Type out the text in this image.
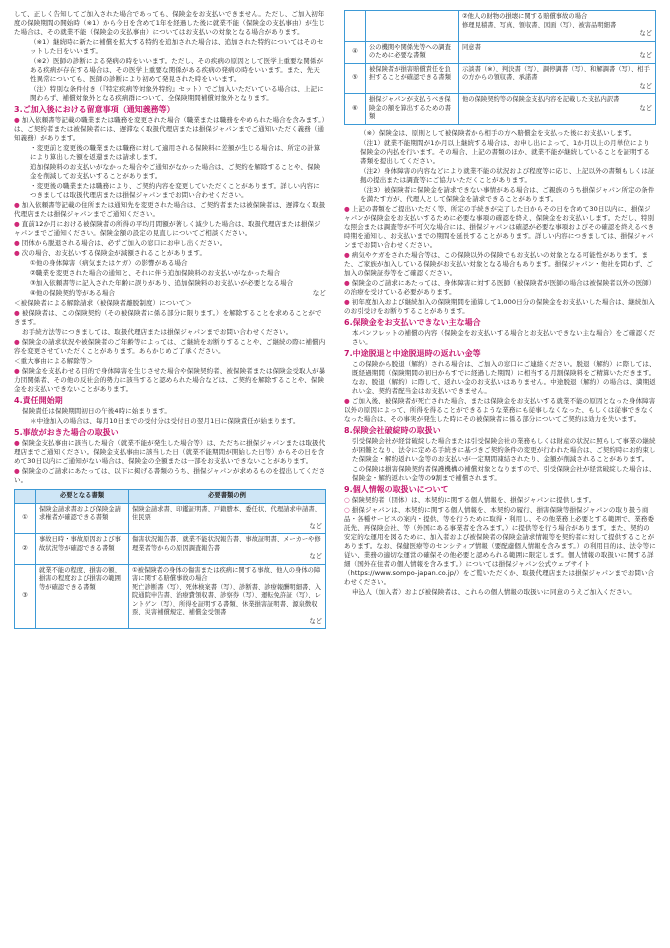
して、正しく告知してご加入された場合であっても、保険金をお支払いできません。ただし、ご加入初年度の保険期間の開始時（※1）から今日を含めて1年を経過した後に就業不能（保険金の支払事由）が生じた場合は、その就業不能（保険金の支払事由）についてはお支払いの対象となる場合があります。

（※1）継続時に新たに補償を拡大する特約を追加された場合は、追加された特約についてはそのセットした日をいいます。

（※2）医師の診断による発病の時をいいます。ただし、その疾病の原因として医学上重要な関係がある疾病が存在する場合は、その医学上重要な関係がある疾病の発病の時をいいます。また、先天性異常についても、医師の診断により初めて発見された時をいいます。

（注）特別な条件付き（『特定疾病等対象外特約』セット）でご加入いただいている場合は、上記に関わらず、補償対象外となる疾病群について、全保険期間補償対象外となります。

3.ご加入後における留意事項（通知義務等）

● 加入依頼書等記載の職業または職務を変更された場合（職業または職務をやめられた場合を含みます。）は、ご契約者または被保険者には、遅滞なく取扱代理店または損保ジャパンまでご通知いただく義務（通知義務）があります。

・変更前と変更後の職業または職務に対して適用される保険料に差額が生じる場合は、所定の計算により算出した額を返還または請求します。

追加保険料のお支払いがなかった場合やご通知がなかった場合は、ご契約を解除することや、保険金を削減してお支払いすることがあります。

・変更後の職業または職務により、ご契約内容を変更していただくことがあります。詳しい内容につきましては取扱代理店または損保ジャパンまでお問い合わせください。

● 加入依頼書等記載の住所または通知先を変更された場合は、ご契約者または被保険者は、遅滞なく取扱代理店または損保ジャパンまでご通知ください。

● 直前12か月における被保険者の所得の平均月間額が著しく減少した場合は、取扱代理店または損保ジャパンまでご通知ください。保険金額の設定の見直しについてご相談ください。

● 団体から脱退される場合は、必ずご加入の窓口にお申し出ください。

● 次の場合、お支払いする保険金が減額されることがあります。

①他の身体障害（病気またはケガ）の影響がある場合

②職業を変更された場合の通知と、それに伴う追加保険料のお支払いがなかった場合

③加入依頼書等に記入された年齢に誤りがあり、追加保険料のお支払いが必要となる場合

④他の保険契約等がある場合	など

＜被保険者による解除請求（被保険者離脱制度）について＞

● 被保険者は、この保険契約（その被保険者に係る部分に限ります。）を解除することを求めることができます。

お手続方法等につきましては、取扱代理店または損保ジャパンまでお問い合わせください。

● 保険金の請求状況や被保険者のご年齢等によっては、ご継続をお断りすることや、ご継続の際に補償内容を変更させていただくことがあります。あらかじめご了承ください。

＜重大事由による解除等＞

● 保険金を支払わせる目的で身体障害を生じさせた場合や保険契約者、被保険者または保険金受取人が暴力団関係者、その他の反社会的勢力に該当すると認められた場合などは、ご契約を解除することや、保険金をお支払いできないことがあります。

4.責任開始期

保険責任は保険期間初日の午後4時に始まります。

＊中途加入の場合は、毎月10日までの受付分は受付日の翌月1日に保険責任が始まります。

5.事故がおきた場合の取扱い

● 保険金支払事由に該当した場合（就業不能が発生した場合等）は、ただちに損保ジャパンまたは取扱代理店までご通知ください。保険金支払事由に該当した日（就業不能期間が開始した日等）からその日を含めて30日以内にご通知がない場合は、保険金の全額または一部をお支払いできないことがあります。

● 保険金のご請求にあたっては、以下に掲げる書類のうち、損保ジャパンが求めるものを提出してください。

	必要となる書類	必要書類の例
①	保険金請求書および保険金請求権者が確認できる書類	保険金請求書、印鑑証明書、戸籍謄本、委任状、代理請求申請書、住民票
など

②	事故日時・事故原因および事故状況等が確認できる書類	傷害状況報告書、就業不能状況報告書、事故証明書、メーカーや修理業者等からの原因調査報告書
など

③	就業不能の程度、損害の額、損害の程度および損害の範囲等が確認できる書類	①被保険者の身体の傷害または疾病に関する事故、他人の身体の障害に関する賠償事故の場合
死亡診断書（写）、死体検案書（写）、診断書、診療報酬明細書、入院通院申告書、治療費領収書、診察券（写）、運転免許証（写）、レントゲン（写）、所得を証明する書類、休業損害証明書、源泉徴収票、災害補償規定、補償金受領書
など
		②他人の財物の損壊に関する賠償事故の場合
修理見積書、写真、領収書、図面（写）、被害品明細書
など

④	公の機関や関係先等への調査のために必要な書類	同意書
など

⑤	被保険者が損害賠償責任を負担することが確認できる書類	示談書（※）、判決書（写）、調停調書（写）、和解調書（写）、相手の方からの領収書、承諾書
など

⑥	損保ジャパンが支払うべき保険金の額を算出するための書類	他の保険契約等の保険金支払内容を記載した支払内訳書
など

（※）保険金は、原則として被保険者から相手の方へ賠償金を支払った後にお支払いします。

（注1）就業不能期間が1か月以上継続する場合は、お申し出によって、1か月以上の月単位により保険金の内払を行います。その場合、上記の書類のほか、就業不能が継続していることを証明する書類を提出してください。

（注2）身体障害の内容などにより就業不能の状況および程度等に応じ、上記以外の書類もしくは証拠の提出または調査等にご協力いただくことがあります。

（注3）被保険者に保険金を請求できない事情がある場合は、ご親族のうち損保ジャパン所定の条件を満たす方が、代理人として保険金を請求できることがあります。

● 上記の書類をご提出いただく等、所定の手続きが完了した日からその日を含めて30日以内に、損保ジャパンが保険金をお支払いするために必要な事項の確認を終え、保険金をお支払いします。ただし、特別な照会または調査等が不可欠な場合には、損保ジャパンは確認が必要な事項およびその確認を終えるべき時期を通知し、お支払いまでの期間を延長することがあります。詳しい内容につきましては、損保ジャパンまでお問い合わせください。

● 病気やケガをされた場合等は、この保険以外の保険でもお支払いの対象となる可能性があります。また、ご家族が加入している保険がお支払い対象となる場合もあります。損保ジャパン・他社を問わず、ご加入の保険証券等をご確認ください。

● 保険金のご請求にあたっては、身体障害に対する医師（被保険者が医師の場合は被保険者以外の医師）の治療を受けている必要があります。

● 初年度加入および継続加入の保険期間を通算して1,000日分の保険金をお支払いした場合は、継続加入のお引受けをお断りすることがあります。

6.保険金をお支払いできない主な場合

本パンフレットの補償の内容（保険金をお支払いする場合とお支払いできない主な場合）をご確認ください。

7.中途脱退と中途脱退時の返れい金等

この保険から脱退（解約）される場合は、ご加入の窓口にご連絡ください。脱退（解約）に際しては、既経過期間（保険期間の初日からすでに経過した期間）に相当する月割保険料をご精算いただきます。なお、脱退（解約）に際して、返れい金のお支払いはありません。中途脱退（解約）の場合は、満期返れい金、契約者配当金はお支払いできません。

● ご加入後、被保険者が死亡された場合、または保険金をお支払いする就業不能の原因となった身体障害以外の原因によって、所得を得ることができるような業務にも従事しなくなった、もしくは従事できなくなった場合は、その事実が発生した時にその被保険者に係る部分についてご契約は効力を失います。

8.保険会社破綻時の取扱い

引受保険会社が経営破綻した場合または引受保険会社の業務もしくは財産の状況に照らして事業の継続が困難となり、法令に定める手続きに基づきご契約条件の変更が行われた場合は、ご契約時にお約束した保険金・解約返れい金等のお支払いが一定期間凍結されたり、金額が削減されることがあります。

この保険は損害保険契約者保護機構の補償対象となりますので、引受保険会社が経営破綻した場合は、保険金・解約返れい金等の9割まで補償されます。

9.個人情報の取扱いについて

○ 保険契約者（団体）は、本契約に関する個人情報を、損保ジャパンに提供します。

○ 損保ジャパンは、本契約に関する個人情報を、本契約の履行、損害保険等損保ジャパンの取り扱う商品・各種サービスの案内・提供、等を行うために取得・利用し、その他業務上必要とする範囲で、業務委託先、再保険会社、等（外国にある事業者を含みます。）に提供等を行う場合があります。また、契約の安定的な運用を図るために、加入者および被保険者の保険金請求情報等を契約者に対して提供することがあります。なお、保健医療等のセンシティブ情報（要配慮個人情報を含みます。）の利用目的は、法令等に従い、業務の適切な運営の確保その他必要と認められる範囲に限定します。個人情報の取扱いに関する詳細（国外在住者の個人情報を含みます。）については損保ジャパン公式ウェブサイト（https://www.sompo-japan.co.jp/）をご覧いただくか、取扱代理店または損保ジャパンまでお問い合わせください。

申込人（加入者）および被保険者は、これらの個人情報の取扱いに同意のうえご加入ください。
